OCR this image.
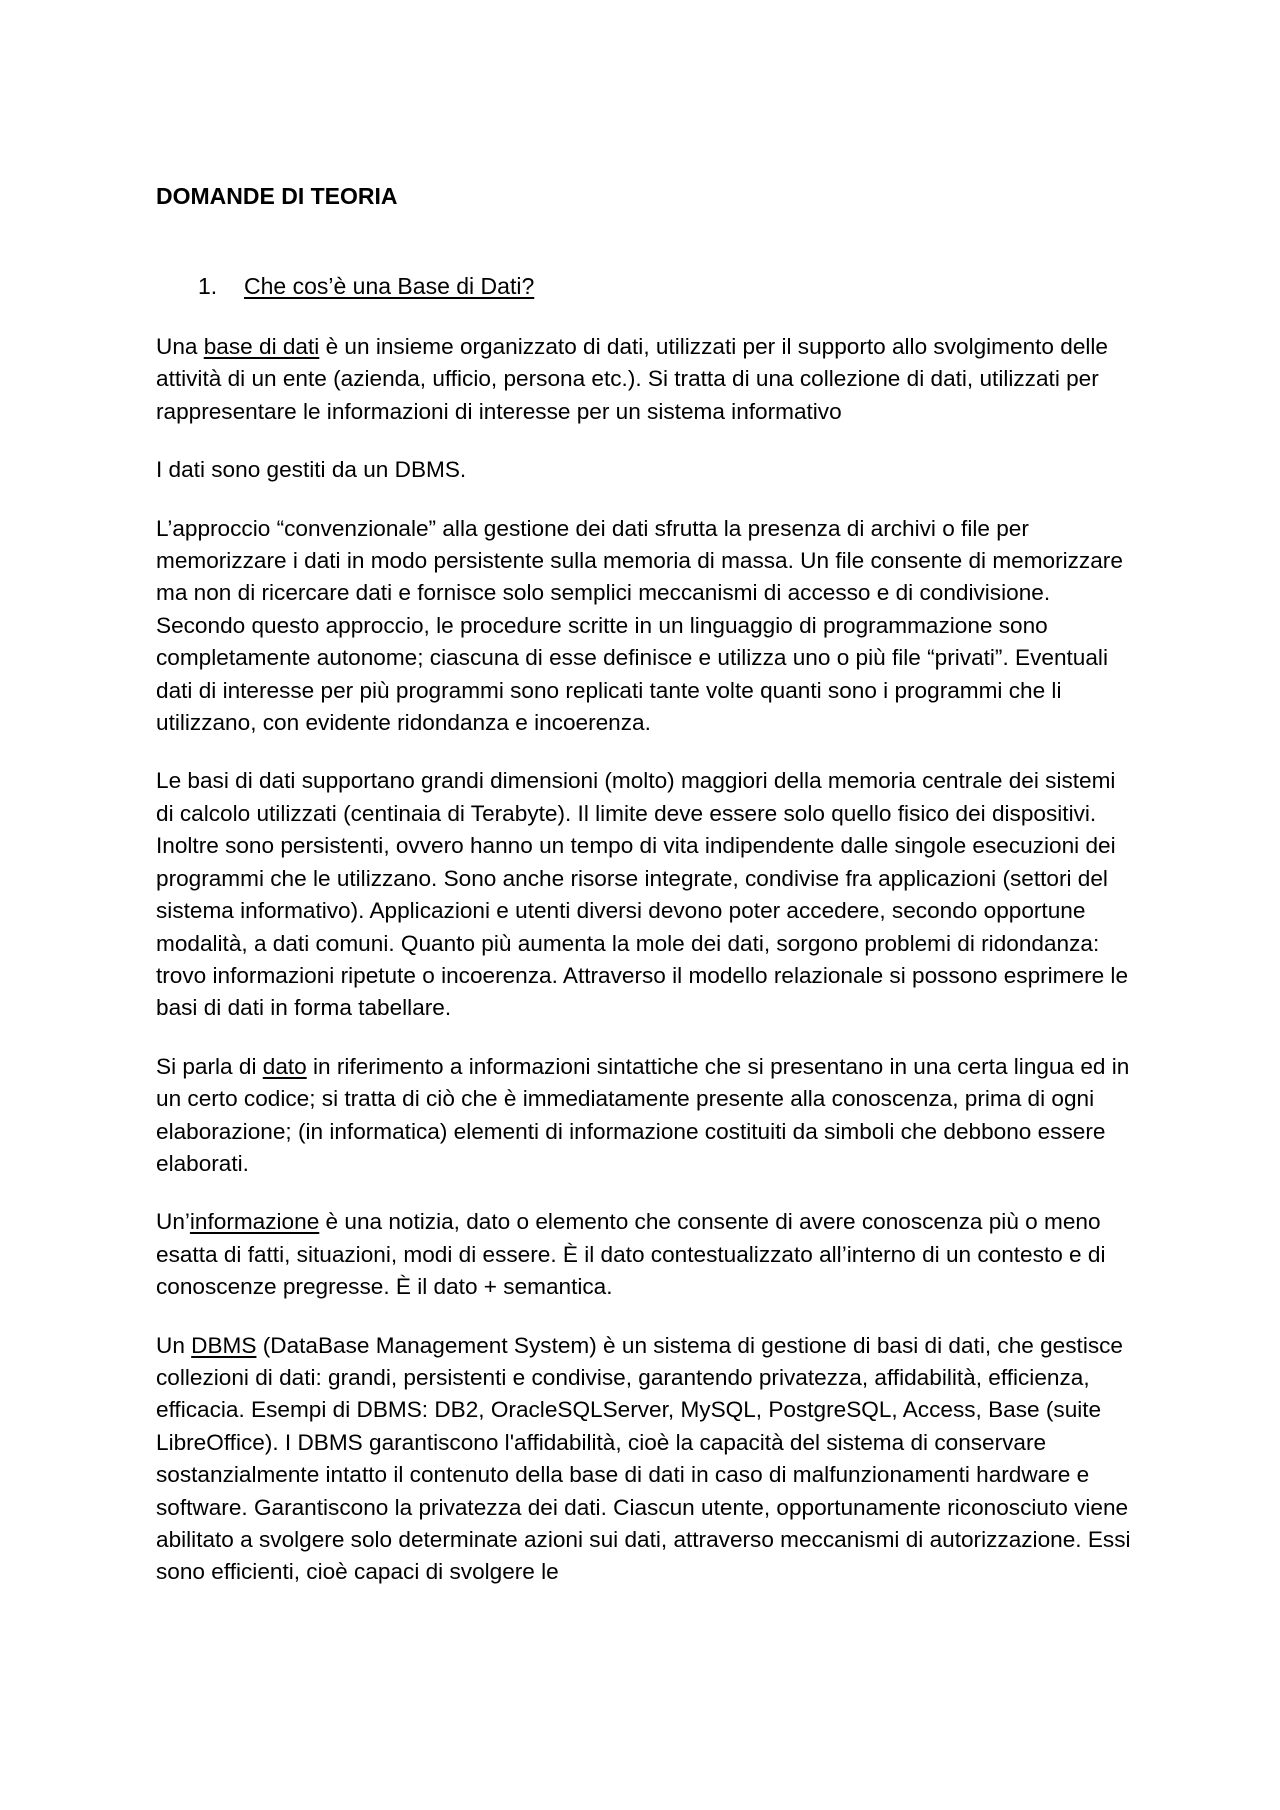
DOMANDE DI TEORIA
1. Che cos’è una Base di Dati?

Una base di dati è un insieme organizzato di dati, utilizzati per il supporto allo svolgimento delle attività di un ente (azienda, ufficio, persona etc.). Si tratta di una collezione di dati, utilizzati per rappresentare le informazioni di interesse per un sistema informativo

I dati sono gestiti da un DBMS.

L’approccio “convenzionale” alla gestione dei dati sfrutta la presenza di archivi o file per memorizzare i dati in modo persistente sulla memoria di massa. Un file consente di memorizzare ma non di ricercare dati e fornisce solo semplici meccanismi di accesso e di condivisione. Secondo questo approccio, le procedure scritte in un linguaggio di programmazione sono completamente autonome; ciascuna di esse definisce e utilizza uno o più file “privati”. Eventuali dati di interesse per più programmi sono replicati tante volte quanti sono i programmi che li utilizzano, con evidente ridondanza e incoerenza.

Le basi di dati supportano grandi dimensioni (molto) maggiori della memoria centrale dei sistemi di calcolo utilizzati (centinaia di Terabyte). Il limite deve essere solo quello fisico dei dispositivi. Inoltre sono persistenti, ovvero hanno un tempo di vita indipendente dalle singole esecuzioni dei programmi che le utilizzano. Sono anche risorse integrate, condivise fra applicazioni (settori del sistema informativo). Applicazioni e utenti diversi devono poter accedere, secondo opportune modalità, a dati comuni. Quanto più aumenta la mole dei dati, sorgono problemi di ridondanza: trovo informazioni ripetute o incoerenza. Attraverso il modello relazionale si possono esprimere le basi di dati in forma tabellare.

Si parla di dato in riferimento a informazioni sintattiche che si presentano in una certa lingua ed in un certo codice; si tratta di ciò che è immediatamente presente alla conoscenza, prima di ogni elaborazione; (in informatica) elementi di informazione costituiti da simboli che debbono essere elaborati.

Un’informazione è una notizia, dato o elemento che consente di avere conoscenza più o meno esatta di fatti, situazioni, modi di essere. È il dato contestualizzato all’interno di un contesto e di conoscenze pregresse. È il dato + semantica.

Un DBMS (DataBase Management System) è un sistema di gestione di basi di dati, che gestisce collezioni di dati: grandi, persistenti e condivise, garantendo privatezza, affidabilità, efficienza, efficacia. Esempi di DBMS: DB2, OracleSQLServer, MySQL, PostgreSQL, Access, Base (suite LibreOffice). I DBMS garantiscono l'affidabilità, cioè la capacità del sistema di conservare sostanzialmente intatto il contenuto della base di dati in caso di malfunzionamenti hardware e software. Garantiscono la privatezza dei dati. Ciascun utente, opportunamente riconosciuto viene abilitato a svolgere solo determinate azioni sui dati, attraverso meccanismi di autorizzazione. Essi sono efficienti, cioè capaci di svolgere le
